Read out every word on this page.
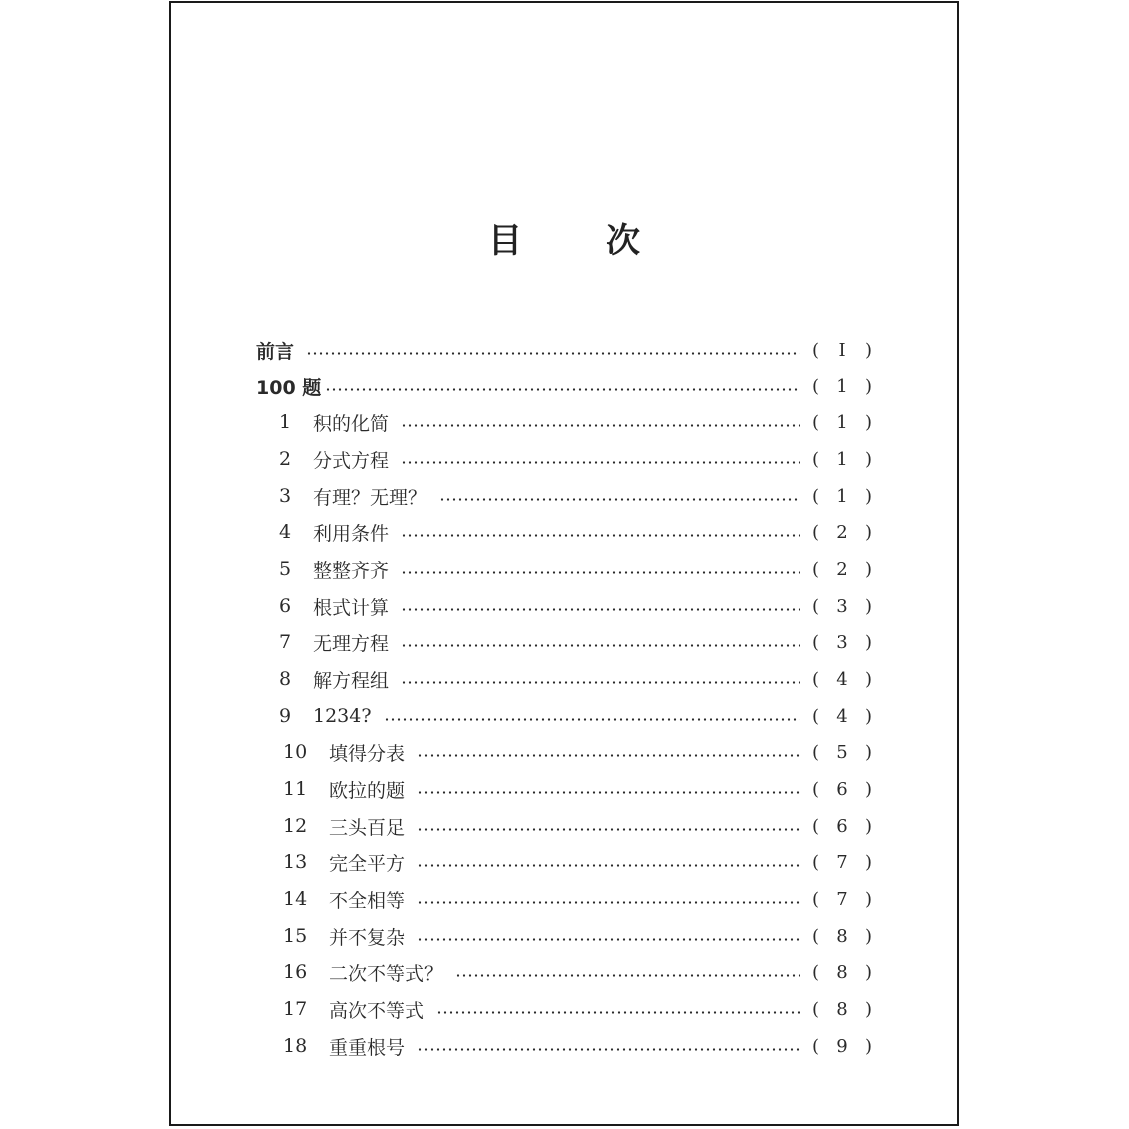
目 次
前言	( Ⅰ )
100 题	( 1 )
1	积的化简	( 1 )
2	分式方程	( 1 )
3	有理？无理？	( 1 )
4	利用条件	( 2 )
5	整整齐齐	( 2 )
6	根式计算	( 3 )
7	无理方程	( 3 )
8	解方程组	( 4 )
9	1234?	( 4 )
10	填得分表	( 5 )
11	欧拉的题	( 6 )
12	三头百足	( 6 )
13	完全平方	( 7 )
14	不全相等	( 7 )
15	并不复杂	( 8 )
16	二次不等式？	( 8 )
17	高次不等式	( 8 )
18	重重根号	( 9 )
